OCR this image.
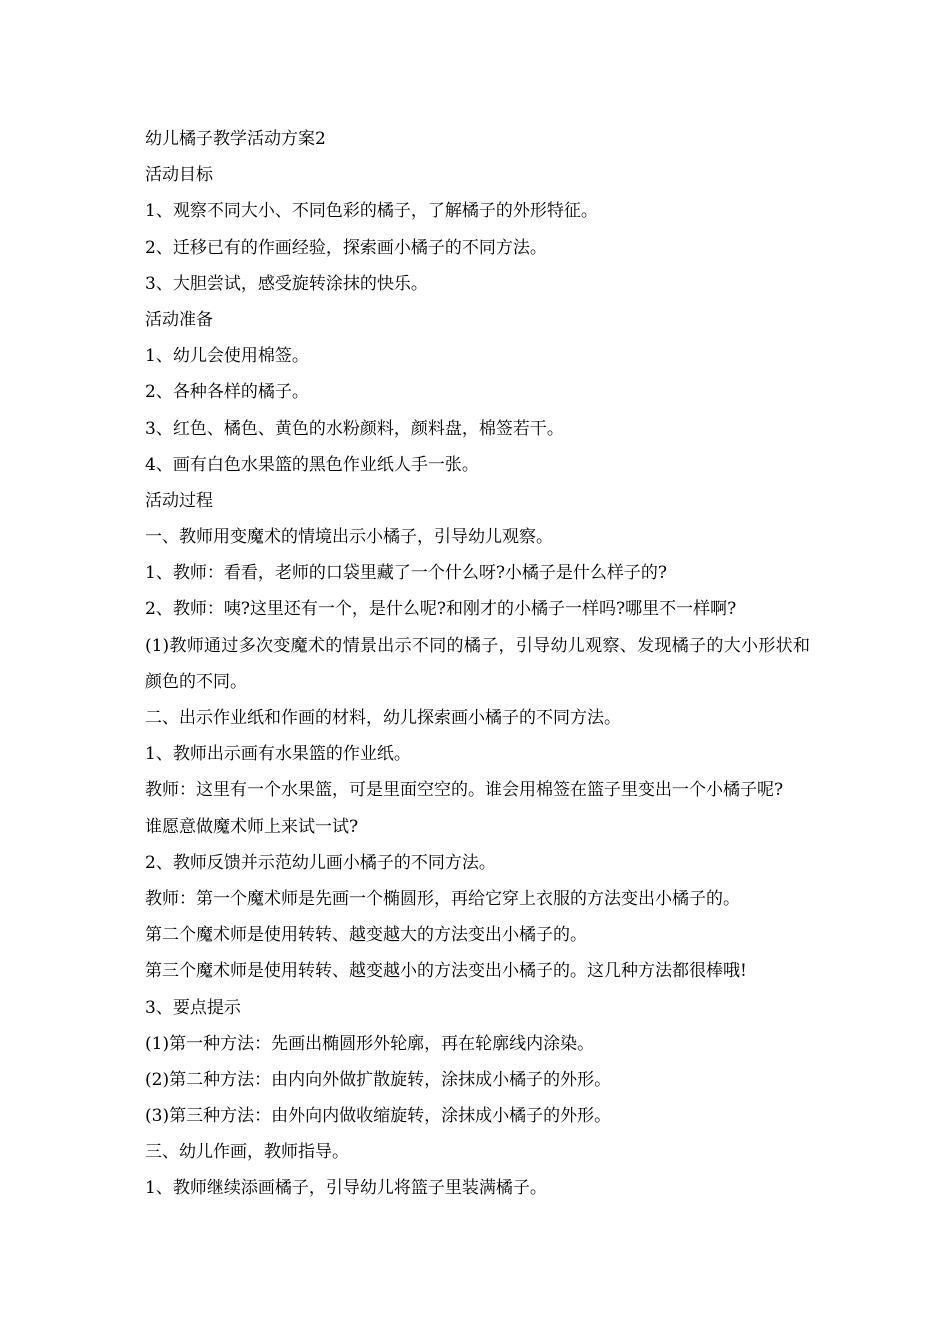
幼儿橘子教学活动方案2

活动目标

1、观察不同大小、不同色彩的橘子，了解橘子的外形特征。

2、迁移已有的作画经验，探索画小橘子的不同方法。

3、大胆尝试，感受旋转涂抹的快乐。

活动准备

1、幼儿会使用棉签。

2、各种各样的橘子。

3、红色、橘色、黄色的水粉颜料，颜料盘，棉签若干。

4、画有白色水果篮的黑色作业纸人手一张。

活动过程

一、教师用变魔术的情境出示小橘子，引导幼儿观察。

1、教师：看看，老师的口袋里藏了一个什么呀?小橘子是什么样子的?

2、教师：咦?这里还有一个，是什么呢?和刚才的小橘子一样吗?哪里不一样啊?

(1)教师通过多次变魔术的情景出示不同的橘子，引导幼儿观察、发现橘子的大小形状和颜色的不同。

二、出示作业纸和作画的材料，幼儿探索画小橘子的不同方法。

1、教师出示画有水果篮的作业纸。

教师：这里有一个水果篮，可是里面空空的。谁会用棉签在篮子里变出一个小橘子呢?

谁愿意做魔术师上来试一试?

2、教师反馈并示范幼儿画小橘子的不同方法。

教师：第一个魔术师是先画一个椭圆形，再给它穿上衣服的方法变出小橘子的。

第二个魔术师是使用转转、越变越大的方法变出小橘子的。

第三个魔术师是使用转转、越变越小的方法变出小橘子的。这几种方法都很棒哦!

3、要点提示

(1)第一种方法：先画出椭圆形外轮廓，再在轮廓线内涂染。

(2)第二种方法：由内向外做扩散旋转，涂抹成小橘子的外形。

(3)第三种方法：由外向内做收缩旋转，涂抹成小橘子的外形。

三、幼儿作画，教师指导。

1、教师继续添画橘子，引导幼儿将篮子里装满橘子。
